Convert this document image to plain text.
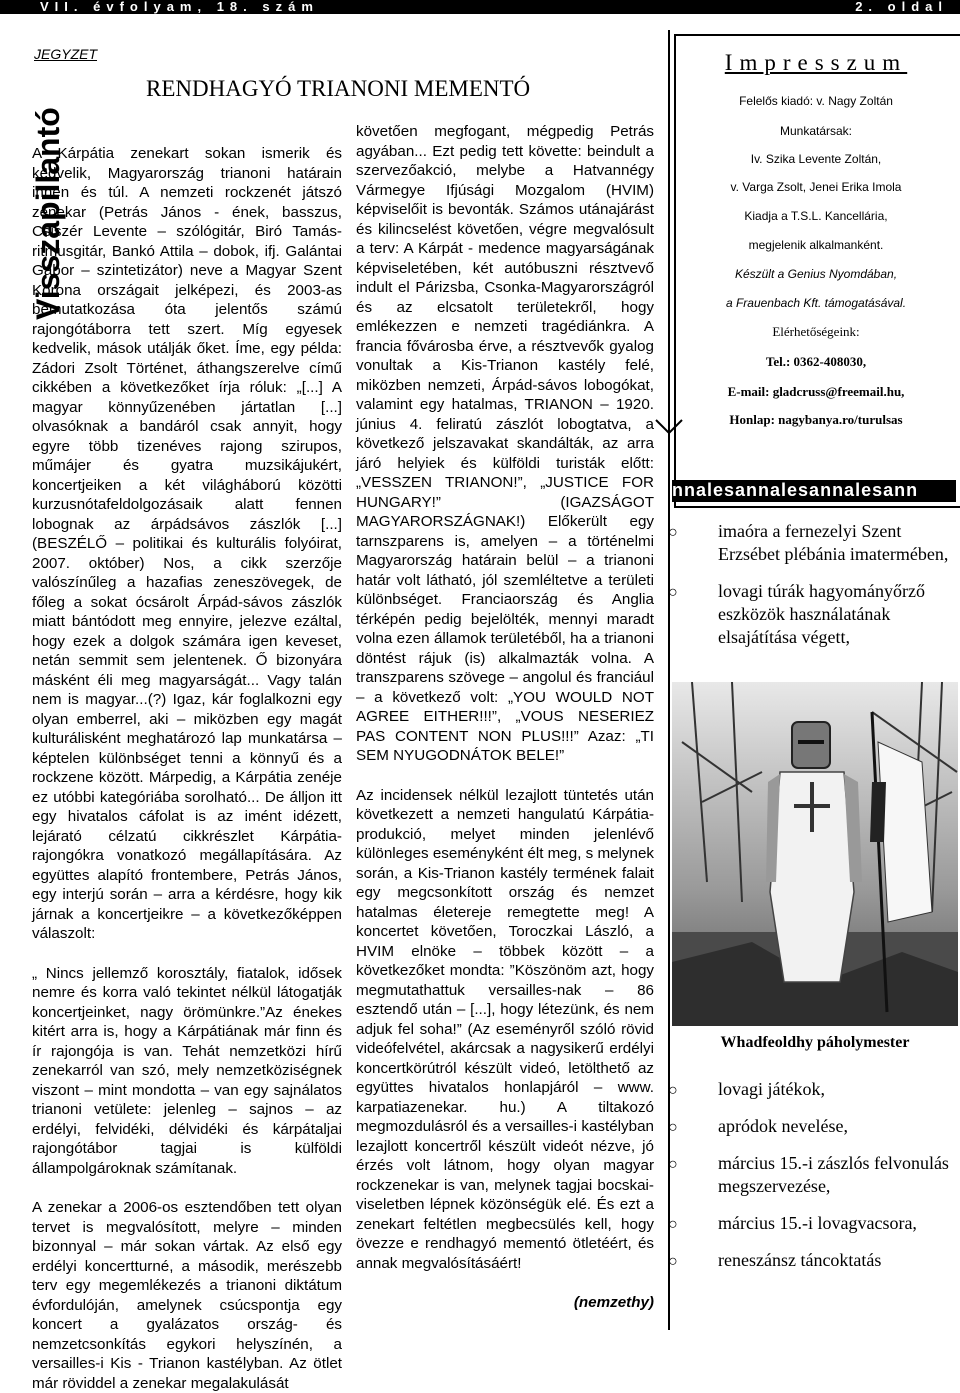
VII. évfolyam, 18. szám	2. oldal
Visszapillantó
JEGYZET
RENDHAGYÓ TRIANONI MEMENTÓ

A Kárpátia zenekart sokan ismerik és kedvelik, Magyarország trianoni határain innen és túl. A nemzeti rockzenét játszó zenekar (Petrás János - ének, basszus, Csiszér Levente – szólógitár, Biró Tamás- ritmusgitár, Bankó Attila – dobok, ifj. Galántai Gábor – szintetizátor) neve a Magyar Szent Korona országait jelképezi, és 2003-as bemutatkozása óta jelentős számú rajongótáborra tett szert. Míg egyesek kedvelik, mások utálják őket. Íme, egy példa: Zádori Zsolt Történet, áthangszerelve című cikkében a következőket írja róluk: „[...] A magyar könnyűzenében jártatlan [...] olvasóknak a bandáról csak annyit, hogy egyre több tizenéves rajong szirupos, műmájer és gyatra muzsikájukért, koncertjeiken a két világháború közötti kurzusnótafeldolgozásaik alatt fennen lobognak az árpádsávos zászlók [...] (BESZÉLŐ – politikai és kulturális folyóirat, 2007. október) Nos, a cikk szerzője valószínűleg a hazafias zeneszövegek, de főleg a sokat ócsárolt Árpád-sávos zászlók miatt bántódott meg ennyire, jelezve ezáltal, hogy ezek a dolgok számára igen keveset, netán semmit sem jelentenek. Ő bizonyára másként éli meg magyarságát... Vagy talán nem is magyar...(?) Igaz, kár foglalkozni egy olyan emberrel, aki – miközben egy magát kulturálisként meghatározó lap munkatársa – képtelen különbséget tenni a könnyű és a rockzene között. Márpedig, a Kárpátia zenéje ez utóbbi kategóriába sorolható... De álljon itt egy hivatalos cáfolat is az imént idézett, lejárató célzatú cikkrészlet Kárpátia-rajongókra vonatkozó megállapítására. Az együttes alapító frontembere, Petrás János, egy interjú során – arra a kérdésre, hogy kik járnak a koncertjeikre – a következőképpen válaszolt:

„ Nincs jellemző korosztály, fiatalok, idősek nemre és korra való tekintet nélkül látogatják koncertjeinket, nagy örömünkre.”Az énekes kitért arra is, hogy a Kárpátiának már finn és ír rajongója is van. Tehát nemzetközi hírű zenekarról van szó, mely nemzetköziségnek viszont – mint mondotta – van egy sajnálatos trianoni vetülete: jelenleg – sajnos – az erdélyi, felvidéki, délvidéki és kárpátaljai rajongótábor tagjai is külföldi állampolgároknak számítanak.

A zenekar a 2006-os esztendőben tett olyan tervet is megvalósított, melyre – minden bizonnyal – már sokan vártak. Az első egy erdélyi koncertturné, a második, merészebb terv egy megemlékezés a trianoni diktátum évfordulóján, amelynek csúcspontja egy koncert a gyalázatos ország- és nemzetcsonkítás egykori helyszínén, a versailles-i Kis - Trianon kastélyban. Az ötlet már röviddel a zenekar megalakulását

követően megfogant, mégpedig Petrás agyában... Ezt pedig tett követte: beindult a szervezőakció, melybe a Hatvannégy Vármegye Ifjúsági Mozgalom (HVIM) képviselőit is bevonták. Számos utánajárást és kilincselést követően, végre megvalósult a terv: A Kárpát - medence magyarságának képviseletében, két autóbuszni résztvevő indult el Párizsba, Csonka-Magyarországról és az elcsatolt területekről, hogy emlékezzen e nemzeti tragédiánkra. A francia fővárosba érve, a résztvevők gyalog vonultak a Kis-Trianon kastély felé, miközben nemzeti, Árpád-sávos lobogókat, valamint egy hatalmas, TRIANON – 1920. június 4. feliratú zászlót lobogtatva, a következő jelszavakat skandálták, az arra járó helyiek és külföldi turisták előtt: „VESSZEN TRIANON!”, „JUSTICE FOR HUNGARY!” (IGAZSÁGOT MAGYARORSZÁGNAK!) Előkerült egy tarnszparens is, amelyen – a történelmi Magyarország határain belül – a trianoni határ volt látható, jól szemléltetve a területi különbséget. Franciaország és Anglia térképén pedig bejelölték, mennyi maradt volna ezen államok területéből, ha a trianoni döntést rájuk (is) alkalmazták volna. A transzparens szövege – angolul és franciául – a következő volt: „YOU WOULD NOT AGREE EITHER!!!”, „VOUS NESERIEZ PAS CONTENT NON PLUS!!!” Azaz: „TI SEM NYUGODNÁTOK BELE!”

Az incidensek nélkül lezajlott tüntetés után következett a nemzeti hangulatú Kárpátia-produkció, melyet minden jelenlévő különleges eseményként élt meg, s melynek során, a Kis-Trianon kastély termének falait egy megcsonkított ország és nemzet hatalmas életereje remegtette meg! A koncertet követően, Toroczkai László, a HVIM elnöke – többek között – a következőket mondta: ”Köszönöm azt, hogy megmutathattuk versailles-nak – 86 esztendő után – [...], hogy létezünk, és nem adjuk fel soha!” (Az eseményről szóló rövid videófelvétel, akárcsak a nagysikerű erdélyi koncertkörútról készült videó, letölthető az együttes hivatalos honlapjáról – www. karpatiazenekar. hu.) A tiltakozó megmozdulásról és a versailles-i kastélyban lezajlott koncertről készült videót nézve, jó érzés volt látnom, hogy olyan magyar rockzenekar is van, melynek tagjai bocskai-viseletben lépnek közönségük elé. És ezt a zenekart feltétlen megbecsülés kell, hogy övezze e rendhagyó mementó ötletéért, és annak megvalósításáért!

(nemzethy)

Impresszum
Felelős kiadó: v. Nagy Zoltán
Munkatársak:
Iv. Szika Levente Zoltán,
v. Varga Zsolt, Jenei Erika Imola
Kiadja a T.S.L. Kancellária,
megjelenik alkalmanként.
Készült a Genius Nyomdában,
a Frauenbach Kft. támogatásával.
Elérhetőségeink:
Tel.: 0362-408030,
E-mail: gladcruss@freemail.hu,
Honlap: nagybanya.ro/turulsas
nnalesannalesannalesann
○ imaóra a fernezelyi Szent Erzsébet plébánia imatermében,
○ lovagi túrák hagyományőrző eszközök használatának elsajátítása végett,
Whadfeoldhy páholymester
○ lovagi játékok,
○ apródok nevelése,
○ március 15.-i zászlós felvonulás megszervezése,
○ március 15.-i lovagvacsora,
○ reneszánsz táncoktatás
